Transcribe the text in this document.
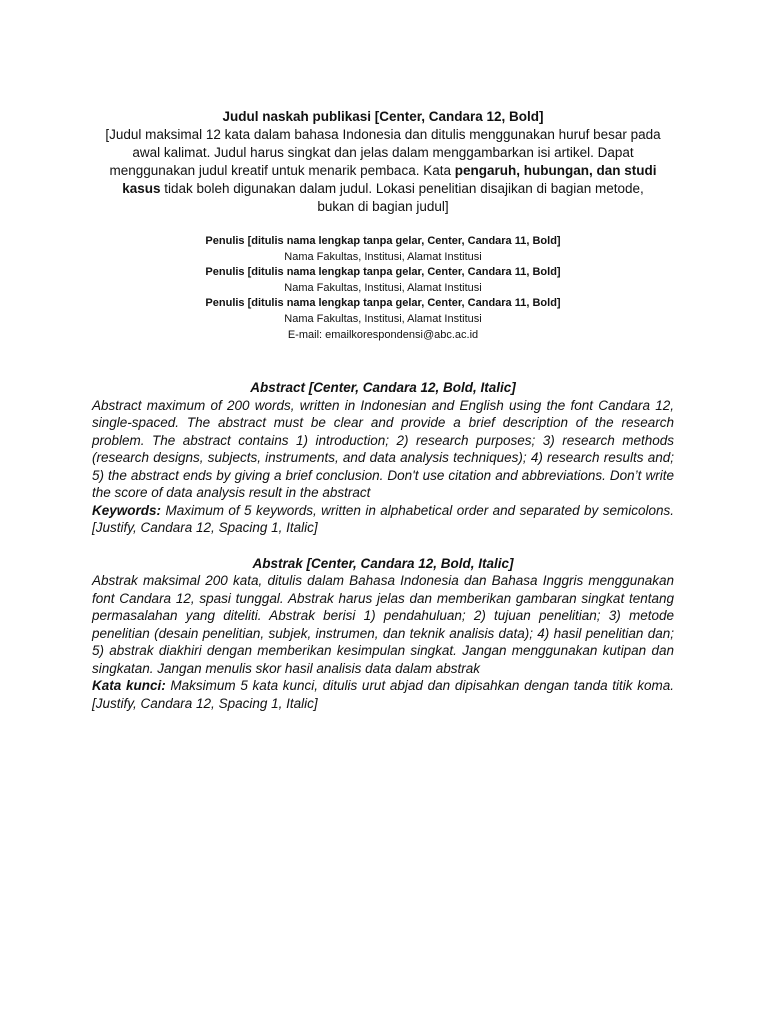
Judul naskah publikasi [Center, Candara 12, Bold]
[Judul maksimal 12 kata dalam bahasa Indonesia dan ditulis menggunakan huruf besar pada awal kalimat. Judul harus singkat dan jelas dalam menggambarkan isi artikel. Dapat menggunakan judul kreatif untuk menarik pembaca. Kata pengaruh, hubungan, dan studi kasus tidak boleh digunakan dalam judul. Lokasi penelitian disajikan di bagian metode,
bukan di bagian judul]
Penulis [ditulis nama lengkap tanpa gelar, Center, Candara 11, Bold]
Nama Fakultas, Institusi, Alamat Institusi
Penulis [ditulis nama lengkap tanpa gelar, Center, Candara 11, Bold]
Nama Fakultas, Institusi, Alamat Institusi
Penulis [ditulis nama lengkap tanpa gelar, Center, Candara 11, Bold]
Nama Fakultas, Institusi, Alamat Institusi
E-mail: emailkorespondensi@abc.ac.id
Abstract [Center, Candara 12, Bold, Italic]
Abstract maximum of 200 words, written in Indonesian and English using the font Candara 12, single-spaced. The abstract must be clear and provide a brief description of the research problem. The abstract contains 1) introduction; 2) research purposes; 3) research methods (research designs, subjects, instruments, and data analysis techniques); 4) research results and; 5) the abstract ends by giving a brief conclusion. Don't use citation and abbreviations. Don’t write the score of data analysis result in the abstract
Keywords: Maximum of 5 keywords, written in alphabetical order and separated by semicolons. [Justify, Candara 12, Spacing 1, Italic]
Abstrak [Center, Candara 12, Bold, Italic]
Abstrak maksimal 200 kata, ditulis dalam Bahasa Indonesia dan Bahasa Inggris menggunakan font Candara 12, spasi tunggal. Abstrak harus jelas dan memberikan gambaran singkat tentang permasalahan yang diteliti. Abstrak berisi 1) pendahuluan; 2) tujuan penelitian; 3) metode penelitian (desain penelitian, subjek, instrumen, dan teknik analisis data); 4) hasil penelitian dan; 5) abstrak diakhiri dengan memberikan kesimpulan singkat. Jangan menggunakan kutipan dan singkatan. Jangan menulis skor hasil analisis data dalam abstrak
Kata kunci: Maksimum 5 kata kunci, ditulis urut abjad dan dipisahkan dengan tanda titik koma. [Justify, Candara 12, Spacing 1, Italic]
